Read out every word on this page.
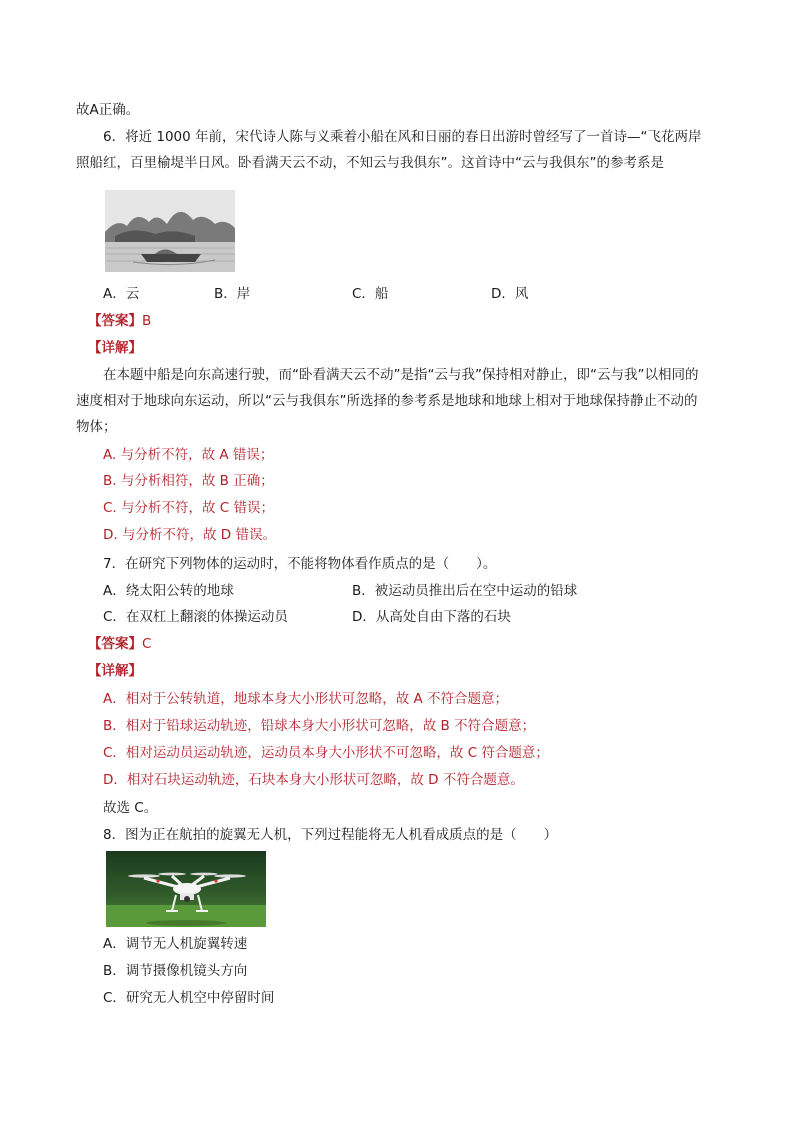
故A正确。
6．将近 1000 年前，宋代诗人陈与义乘着小船在风和日丽的春日出游时曾经写了一首诗—“飞花两岸
照船红，百里榆堤半日风。卧看满天云不动，不知云与我俱东”。这首诗中“云与我俱东”的参考系是
A．云	B．岸	C．船	D．风
【答案】B
【详解】
在本题中船是向东高速行驶，而“卧看满天云不动”是指“云与我”保持相对静止，即“云与我”以相同的
速度相对于地球向东运动，所以“云与我俱东”所选择的参考系是地球和地球上相对于地球保持静止不动的
物体；
A. 与分析不符，故 A 错误；
B. 与分析相符，故 B 正确；
C. 与分析不符，故 C 错误；
D. 与分析不符，故 D 错误。
7．在研究下列物体的运动时，不能将物体看作质点的是（　　）。
A．绕太阳公转的地球	B．被运动员推出后在空中运动的铅球
C．在双杠上翻滚的体操运动员	D．从高处自由下落的石块
【答案】C
【详解】
A．相对于公转轨道，地球本身大小形状可忽略，故 A 不符合题意；
B．相对于铅球运动轨迹，铅球本身大小形状可忽略，故 B 不符合题意；
C．相对运动员运动轨迹，运动员本身大小形状不可忽略，故 C 符合题意；
D．相对石块运动轨迹，石块本身大小形状可忽略，故 D 不符合题意。
故选 C。
8．图为正在航拍的旋翼无人机，下列过程能将无人机看成质点的是（　　）
A．调节无人机旋翼转速
B．调节摄像机镜头方向
C．研究无人机空中停留时间
